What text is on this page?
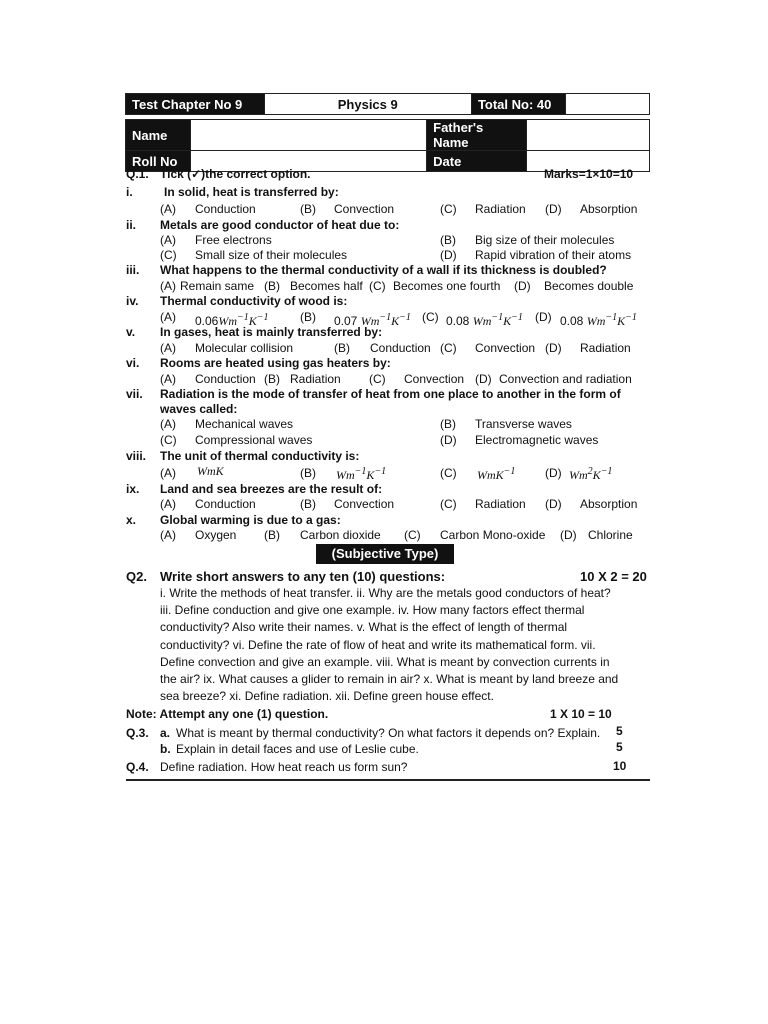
Test Chapter No 9	Physics 9	Total No: 40	
Name		Father's Name	
Roll No		Date	
Q.1. Tick (✓)the correct option.	Marks=1×10=10
i.	In solid, heat is transferred by:
(A) Conduction	(B) Convection	(C) Radiation (D) Absorption
ii. Metals are good conductor of heat due to:
(A) Free electrons	(B) Big size of their molecules
(C) Small size of their molecules	(D) Rapid vibration of their atoms
iii. What happens to the thermal conductivity of a wall if its thickness is doubled?
(A) Remain same (B) Becomes half (C) Becomes one fourth (D) Becomes double
iv. Thermal conductivity of wood is:
(A) $0.06Wm^{-1}K^{-1}$	(B) 0.07 $Wm^{-1}K^{-1}$ (C) 0.08 $Wm^{-1}K^{-1}$ (D) 0.08 $Wm^{-1}K^{-1}$
v. In gases, heat is mainly transferred by:
(A) Molecular collision	(B) Conduction (C) Convection (D) Radiation
vi. Rooms are heated using gas heaters by:
(A) Conduction (B) Radiation (C) Convection (D) Convection and radiation
vii. Radiation is the mode of transfer of heat from one place to another in the form of
waves called:
(A) Mechanical waves	(B) Transverse waves
(C) Compressional waves	(D) Electromagnetic waves
viii. The unit of thermal conductivity is:
(A) WmK	(B) $Wm^{-1}K^{-1}$	(C) WmK$^{-1}$ (D) $Wm^2K^{-1}$
ix. Land and sea breezes are the result of:
(A) Conduction	(B) Convection	(C) Radiation (D) Absorption
x. Global warming is due to a gas:
(A) Oxygen (B) Carbon dioxide (C) Carbon Mono-oxide (D) Chlorine
(Subjective Type)
Q2. Write short answers to any ten (10) questions:	10 X 2 = 20
i. Write the methods of heat transfer. ii. Why are the metals good conductors of heat?
iii. Define conduction and give one example. iv. How many factors effect thermal
conductivity? Also write their names. v. What is the effect of length of thermal
conductivity? vi. Define the rate of flow of heat and write its mathematical form. vii.
Define convection and give an example. viii. What is meant by convection currents in
the air? ix. What causes a glider to remain in air? x. What is meant by land breeze and
sea breeze? xi. Define radiation. xii. Define green house effect.
Note: Attempt any one (1) question.	1 X 10 = 10
Q.3. a. What is meant by thermal conductivity? On what factors it depends on? Explain. 5
b. Explain in detail faces and use of Leslie cube.	5
Q.4. Define radiation. How heat reach us form sun?	10
